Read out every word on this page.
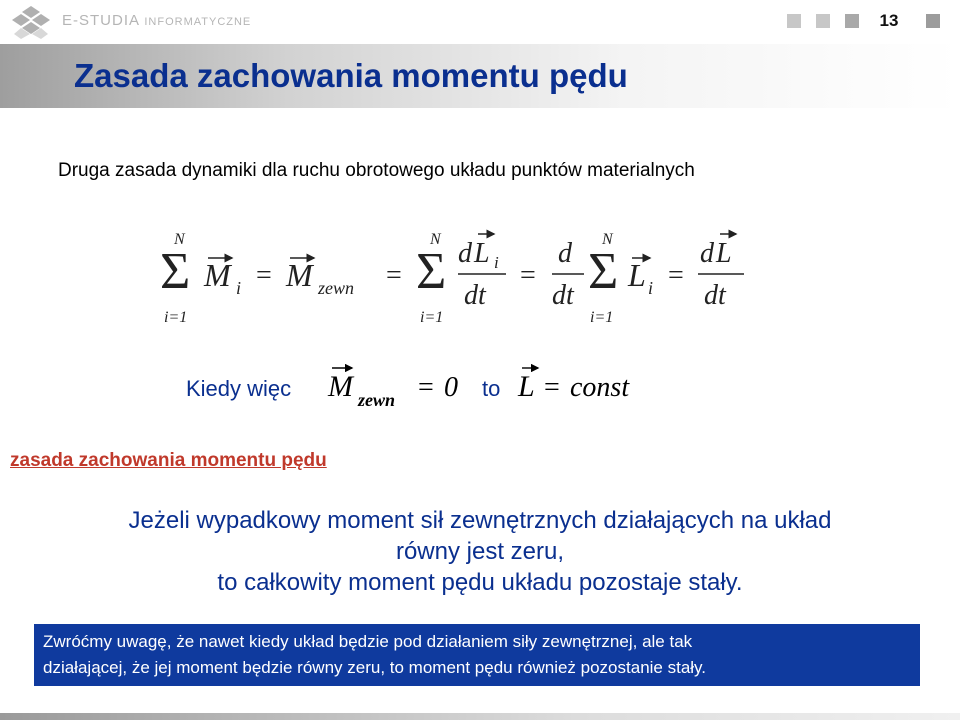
E-STUDIA INFORMATYCZNE	13
Zasada zachowania momentu pędu
Druga zasada dynamiki dla ruchu obrotowego układu punktów materialnych
N
Σ
i=1
M i = M zewn =
N
Σ
i=1
d L i
dt
=
d
dt
N
Σ
i=1
L i =
d L
dt
Kiedy więc M zewn = 0 to L = const
zasada zachowania momentu pędu
Jeżeli wypadkowy moment sił zewnętrznych działających na układ
równy jest zeru,
to całkowity moment pędu układu pozostaje stały.
Zwróćmy uwagę, że nawet kiedy układ będzie pod działaniem siły zewnętrznej, ale tak
działającej, że jej moment będzie równy zeru, to moment pędu również pozostanie stały.
